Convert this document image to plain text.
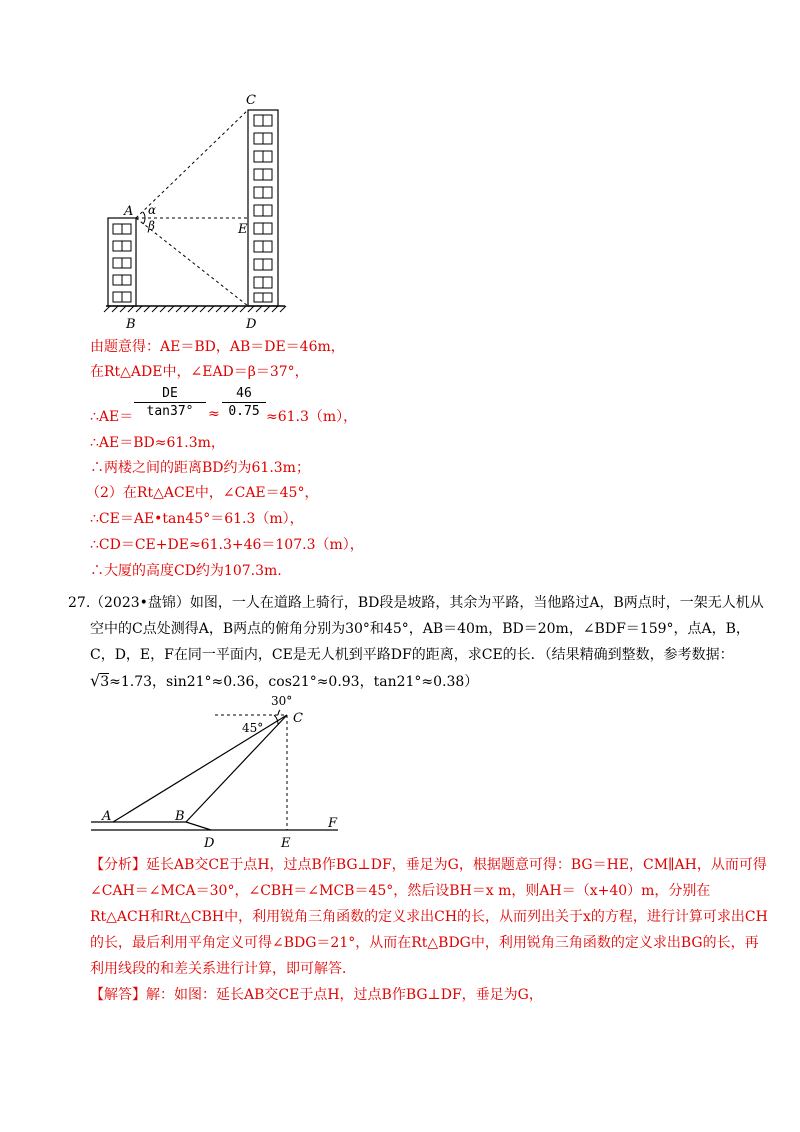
C
A α
β	E
B	D
由题意得：AE＝BD，AB＝DE＝46m，
在Rt△ADE中，∠EAD＝β＝37°，
∴AE＝ $\frac{DE}{\tan 37^\circ} \approx \frac{46}{0.75} \approx 61.3(m)$，
∴AE＝BD≈61.3m，
∴两楼之间的距离BD约为61.3m；
（2）在Rt△ACE中，∠CAE＝45°，
∴CE＝AE•tan45°＝61.3（m），
∴CD＝CE+DE≈61.3+46＝107.3（m），
∴大厦的高度CD约为107.3m.
27.（2023•盘锦）如图，一人在道路上骑行，BD段是坡路，其余为平路，当他路过A，B两点时，一架无人机从空中的C点处测得A，B两点的俯角分别为30°和45°，AB＝40m，BD＝20m，∠BDF＝159°，点A，B，C，D，E，F在同一平面内，CE是无人机到平路DF的距离，求CE的长．（结果精确到整数，参考数据：√3≈1.73，sin21°≈0.36，cos21°≈0.93，tan21°≈0.38）
30°
45°
C
A	B
D	E
F
【分析】延长AB交CE于点H，过点B作BG⊥DF，垂足为G，根据题意可得：BG＝HE，CM∥AH，从而可得∠CAH＝∠MCA＝30°，∠CBH＝∠MCB＝45°，然后设BH＝x m，则AH＝（x+40）m，分别在Rt△ACH和Rt△CBH中，利用锐角三角函数的定义求出CH的长，从而列出关于x的方程，进行计算可求出CH的长，最后利用平角定义可得∠BDG＝21°，从而在Rt△BDG中，利用锐角三角函数的定义求出BG的长，再利用线段的和差关系进行计算，即可解答．
【解答】解：如图：延长AB交CE于点H，过点B作BG⊥DF，垂足为G，
